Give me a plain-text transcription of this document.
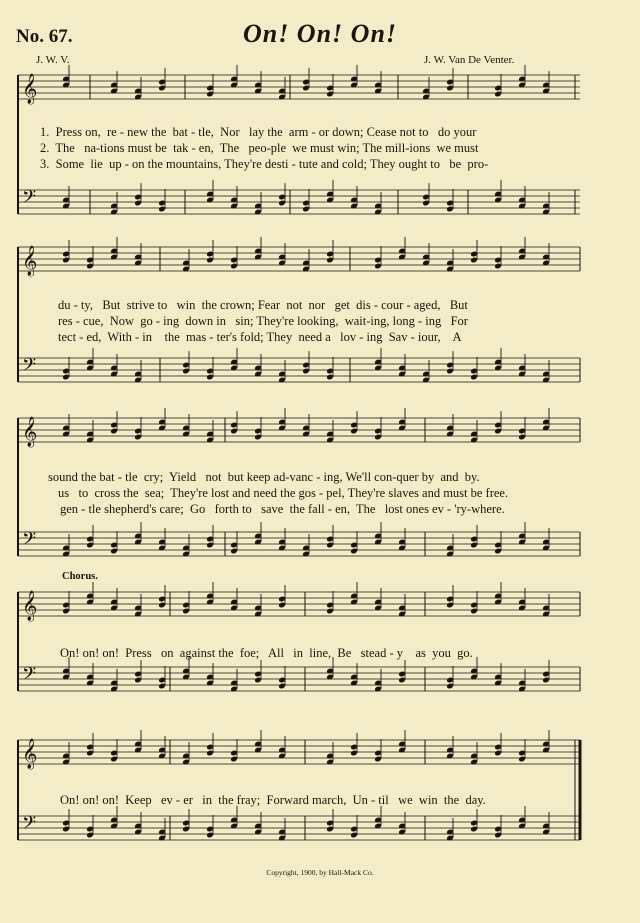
No. 67.	On! On! On!
J. W. V.	J. W. Van De Venter.
𝄞
𝄢
𝄞
𝄢
𝄞
𝄢
𝄞
𝄢
𝄞
𝄢
1.  Press on,  re - new the  bat - tle,  Nor   lay the  arm - or down; Cease not to   do your
2.  The   na-tions must be  tak - en,  The   peo-ple  we must win; The mill-ions  we must
3.  Some  lie  up - on the mountains, They're desti - tute and cold; They ought to   be  pro-
du - ty,   But  strive to   win  the crown; Fear  not  nor   get  dis - cour - aged,   But
res - cue,  Now  go - ing  down in   sin; They're looking,  wait-ing, long - ing   For
tect - ed,  With - in    the  mas - ter's fold; They  need a   lov - ing  Sav - iour,    A
sound the bat - tle  cry;  Yield   not  but keep ad-vanc - ing, We'll con-quer by  and  by.
us   to  cross the  sea;  They're lost and need the gos - pel, They're slaves and must be free.
gen - tle shepherd's care;  Go   forth to   save  the fall - en,  The   lost ones ev - 'ry-where.
Chorus.
On! on! on!  Press   on  against the  foe;   All   in  line,  Be   stead - y    as  you  go.
On! on! on!  Keep   ev - er   in  the fray;  Forward march,  Un - til   we  win  the  day.
Copyright, 1900, by Hall-Mack Co.
